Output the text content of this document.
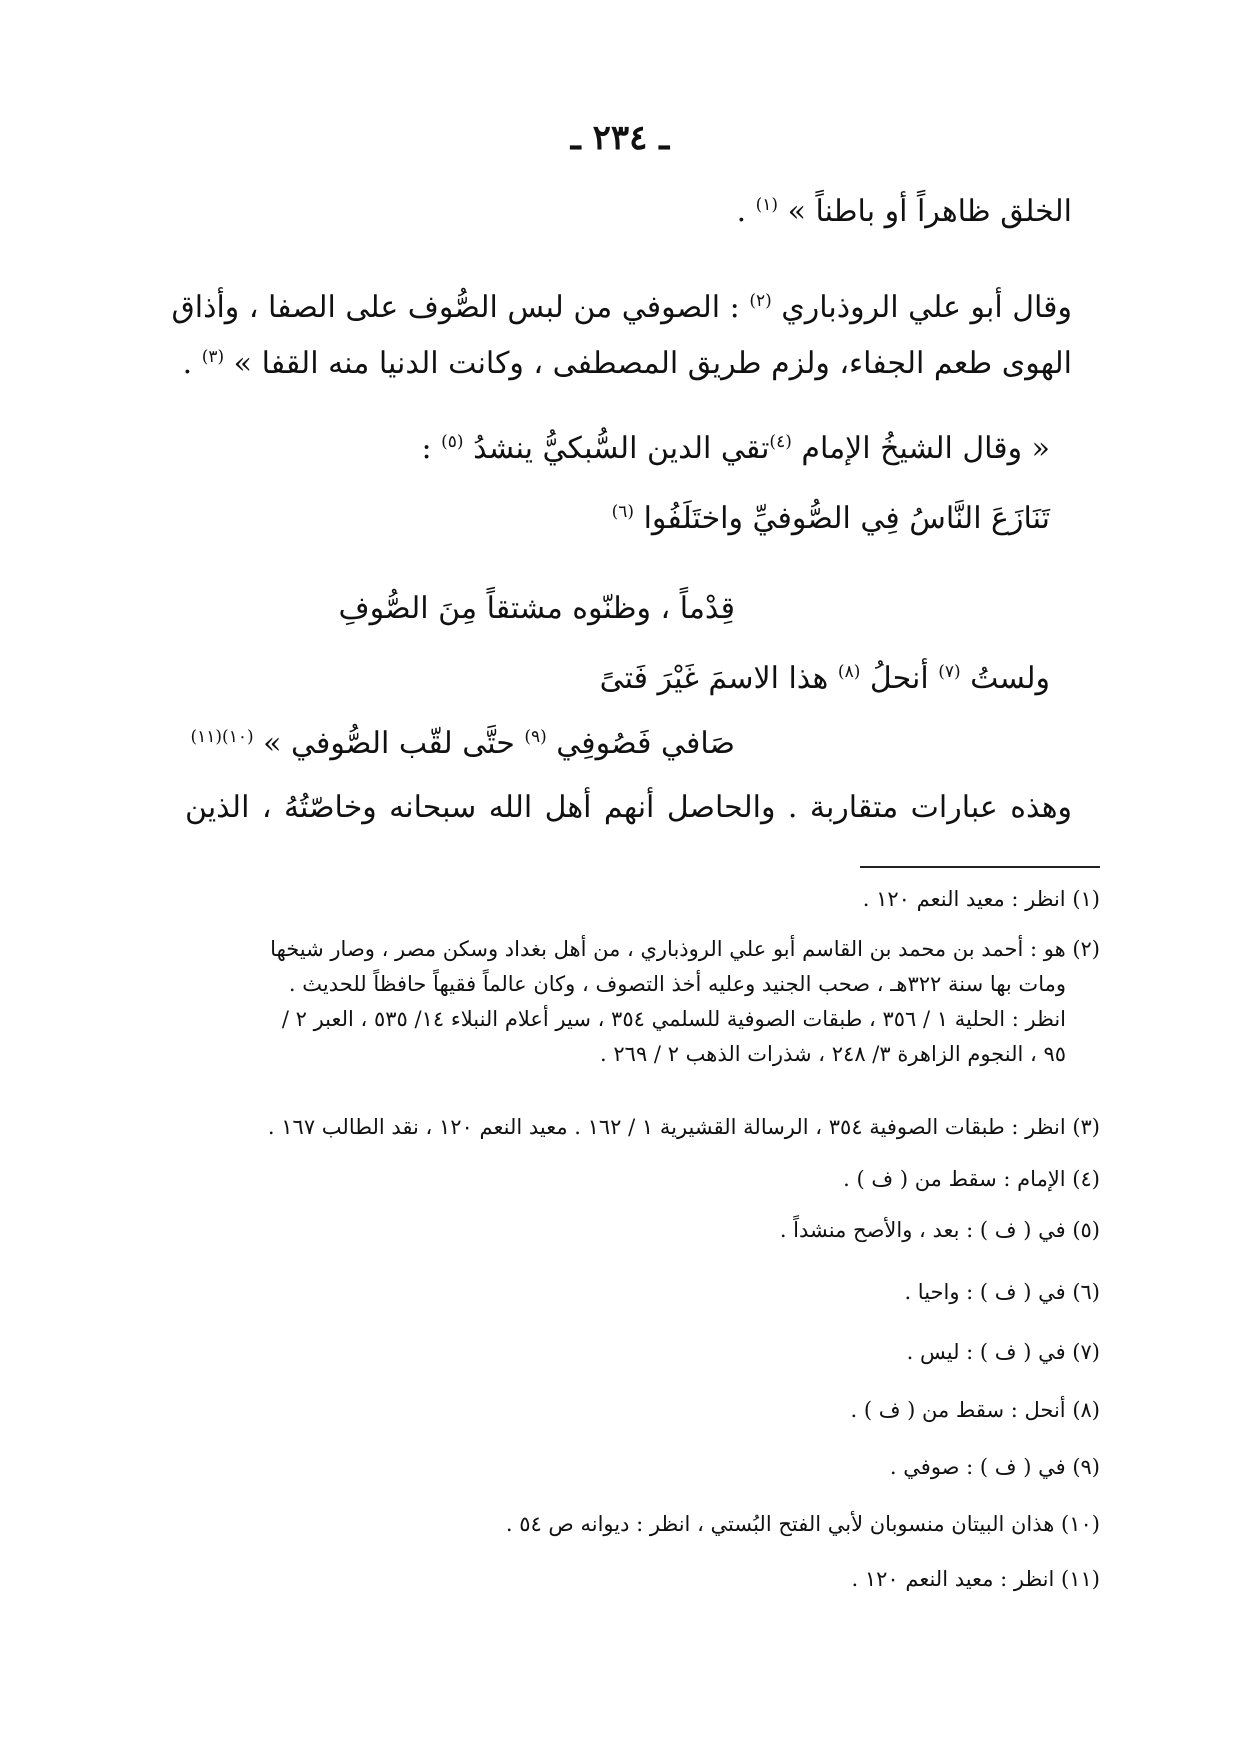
ـ ٢٣٤ ـ
الخلق ظاهراً أو باطناً » $^{(١)}$ .
وقال أبو علي الروذباري $^{(٢)}$ : الصوفي من لبس الصُّوف على الصفا ، وأذاق
الهوى طعم الجفاء، ولزم طريق المصطفى ، وكانت الدنيا منه القفا » $^{(٣)}$ .
« وقال الشيخُ الإمام $^{(٤)}$تقي الدين السُّبكيُّ ينشدُ $^{(٥)}$ :
تَنَازَعَ النَّاسُ فِي الصُّوفيِّ واختَلَفُوا $^{(٦)}$
قِدْماً ، وظنّوه مشتقاً مِنَ الصُّوفِ
ولستُ $^{(٧)}$ أنحلُ $^{(٨)}$ هذا الاسمَ غَيْرَ فَتىً
صَافي فَصُوفِي $^{(٩)}$ حتَّى لقّب الصُّوفي » $^{(١٠)(١١)}$
وهذه عبارات متقاربة . والحاصل أنهم أهل الله سبحانه وخاصّتُهُ ، الذين
(١) انظر : معيد النعم ١٢٠ .
(٢) هو : أحمد بن محمد بن القاسم أبو علي الروذباري ، من أهل بغداد وسكن مصر ، وصار شيخها
ومات بها سنة ٣٢٢هـ ، صحب الجنيد وعليه أخذ التصوف ، وكان عالماً فقيهاً حافظاً للحديث .
انظر : الحلية ١ / ٣٥٦ ، طبقات الصوفية للسلمي ٣٥٤ ، سير أعلام النبلاء ١٤/ ٥٣٥ ، العبر ٢ /
٩٥ ، النجوم الزاهرة ٣/ ٢٤٨ ، شذرات الذهب ٢ / ٢٦٩ .
(٣) انظر : طبقات الصوفية ٣٥٤ ، الرسالة القشيرية ١ / ١٦٢ . معيد النعم ١٢٠ ، نقد الطالب ١٦٧ .
(٤) الإمام : سقط من ( ف ) .
(٥) في ( ف ) : بعد ، والأصح منشداً .
(٦) في ( ف ) : واحيا .
(٧) في ( ف ) : ليس .
(٨) أنحل : سقط من ( ف ) .
(٩) في ( ف ) : صوفي .
(١٠) هذان البيتان منسوبان لأبي الفتح البُستي ، انظر : ديوانه ص ٥٤ .
(١١) انظر : معيد النعم ١٢٠ .
